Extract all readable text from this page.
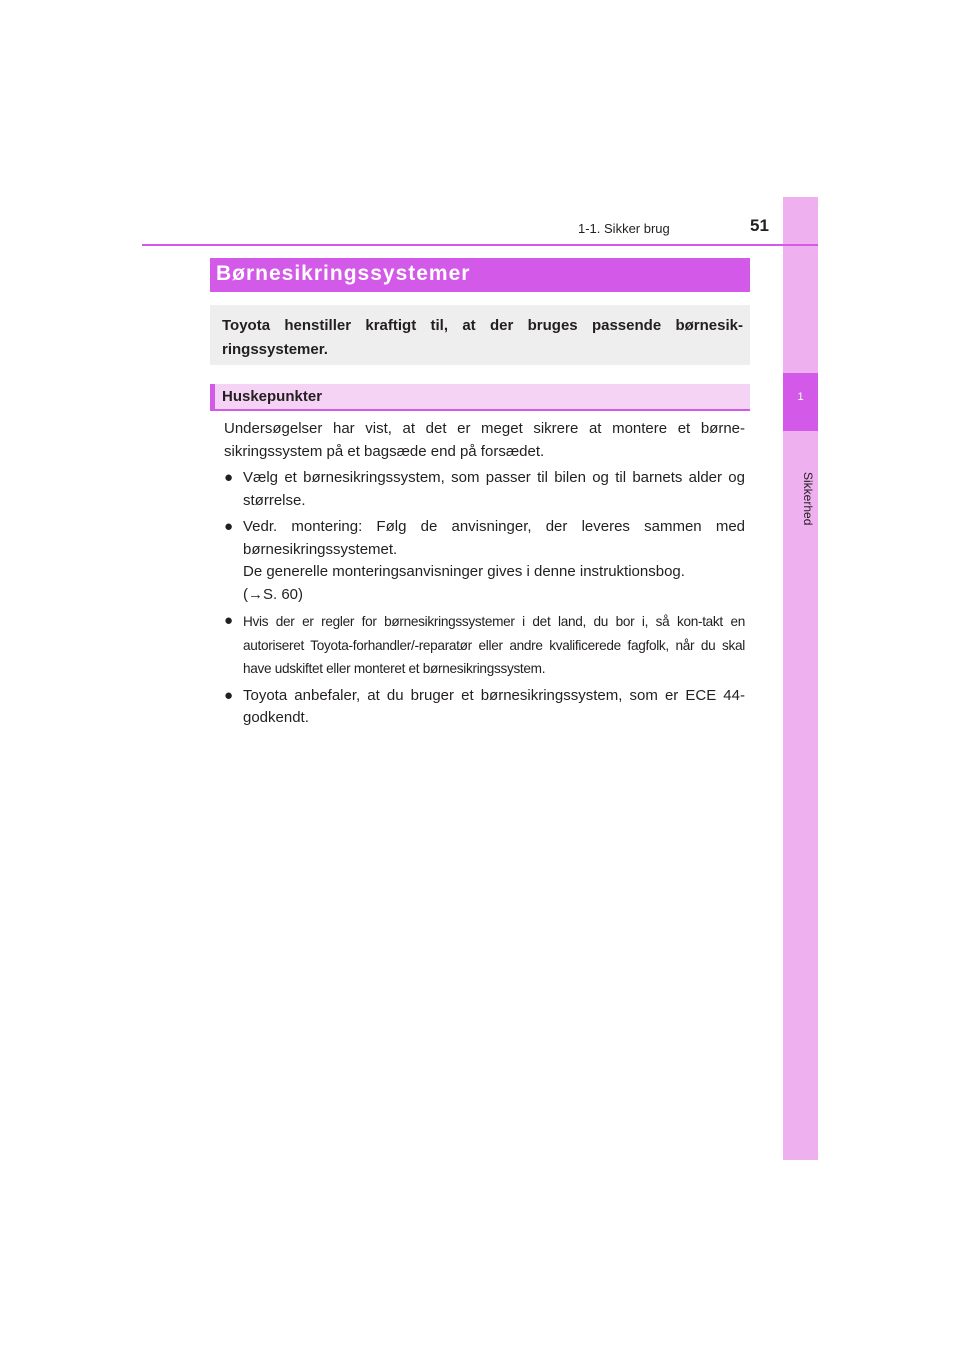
1
Sikkerhed
1-1. Sikker brug	51
Børnesikringssystemer
Toyota henstiller kraftigt til, at der bruges passende børnesik-ringssystemer.
Huskepunkter

Undersøgelser har vist, at det er meget sikrere at montere et børne-sikringssystem på et bagsæde end på forsædet.

● Vælg et børnesikringssystem, som passer til bilen og til barnets alder og størrelse.
● Vedr. montering: Følg de anvisninger, der leveres sammen med børnesikringssystemet.
De generelle monteringsanvisninger gives i denne instruktionsbog.
(→S. 60)
● Hvis der er regler for børnesikringssystemer i det land, du bor i, så kon-takt en autoriseret Toyota-forhandler/-reparatør eller andre kvalificerede fagfolk, når du skal have udskiftet eller monteret et børnesikringssystem.
● Toyota anbefaler, at du bruger et børnesikringssystem, som er ECE 44-godkendt.
